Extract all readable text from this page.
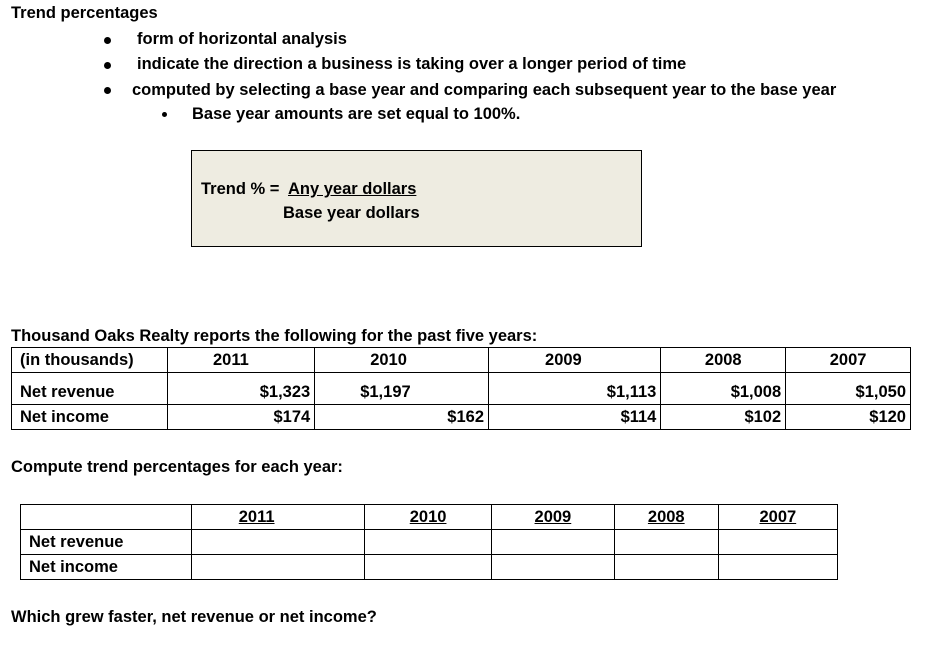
Trend percentages
form of horizontal analysis
indicate the direction a business is taking over a longer period of time
computed by selecting a base year and comparing each subsequent year to the base year
Base year amounts are set equal to 100%.
Trend % = Any year dollars
Base year dollars
Thousand Oaks Realty reports the following for the past five years:
(in thousands)	2011	2010	2009	2008	2007
Net revenue	$1,323	$1,197	$1,113	$1,008	$1,050
Net income	$174	$162	$114	$102	$120
Compute trend percentages for each year:
	2011	2010	2009	2008	2007
Net revenue					
Net income					
Which grew faster, net revenue or net income?
